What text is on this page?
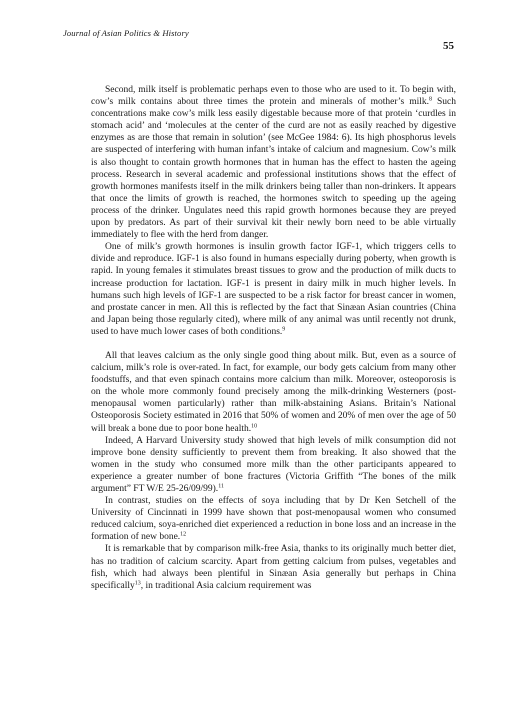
Journal of Asian Politics & History
55

Second, milk itself is problematic perhaps even to those who are used to it. To begin with, cow’s milk contains about three times the protein and minerals of mother’s milk.$^8$ Such concentrations make cow’s milk less easily digestable because more of that protein ‘curdles in stomach acid’ and ‘molecules at the center of the curd are not as easily reached by digestive enzymes as are those that remain in solution’ (see McGee 1984: 6). Its high phosphorus levels are suspected of interfering with human infant’s intake of calcium and magnesium. Cow’s milk is also thought to contain growth hormones that in human has the effect to hasten the ageing process. Research in several academic and professional institutions shows that the effect of growth hormones manifests itself in the milk drinkers being taller than non-drinkers. It appears that once the limits of growth is reached, the hormones switch to speeding up the ageing process of the drinker. Ungulates need this rapid growth hormones because they are preyed upon by predators. As part of their survival kit their newly born need to be able virtually immediately to flee with the herd from danger.

One of milk’s growth hormones is insulin growth factor IGF-1, which triggers cells to divide and reproduce. IGF-1 is also found in humans especially during poberty, when growth is rapid. In young females it stimulates breast tissues to grow and the production of milk ducts to increase production for lactation. IGF-1 is present in dairy milk in much higher levels. In humans such high levels of IGF-1 are suspected to be a risk factor for breast cancer in women, and prostate cancer in men. All this is reflected by the fact that Sinæan Asian countries (China and Japan being those regularly cited), where milk of any animal was until recently not drunk, used to have much lower cases of both conditions.$^9$

All that leaves calcium as the only single good thing about milk. But, even as a source of calcium, milk’s role is over-rated. In fact, for example, our body gets calcium from many other foodstuffs, and that even spinach contains more calcium than milk. Moreover, osteoporosis is on the whole more commonly found precisely among the milk-drinking Westerners (post-menopausal women particularly) rather than milk-abstaining Asians. Britain’s National Osteoporosis Society estimated in 2016 that 50% of women and 20% of men over the age of 50 will break a bone due to poor bone health.$^{10}$

Indeed, A Harvard University study showed that high levels of milk consumption did not improve bone density sufficiently to prevent them from breaking. It also showed that the women in the study who consumed more milk than the other participants appeared to experience a greater number of bone fractures (Victoria Griffith “The bones of the milk argument” FT W/E 25-26/09/99).$^{11}$

In contrast, studies on the effects of soya including that by Dr Ken Setchell of the University of Cincinnati in 1999 have shown that post-menopausal women who consumed reduced calcium, soya-enriched diet experienced a reduction in bone loss and an increase in the formation of new bone.$^{12}$

It is remarkable that by comparison milk-free Asia, thanks to its originally much better diet, has no tradition of calcium scarcity. Apart from getting calcium from pulses, vegetables and fish, which had always been plentiful in Sinæan Asia generally but perhaps in China specifically$^{13}$, in traditional Asia calcium requirement was
